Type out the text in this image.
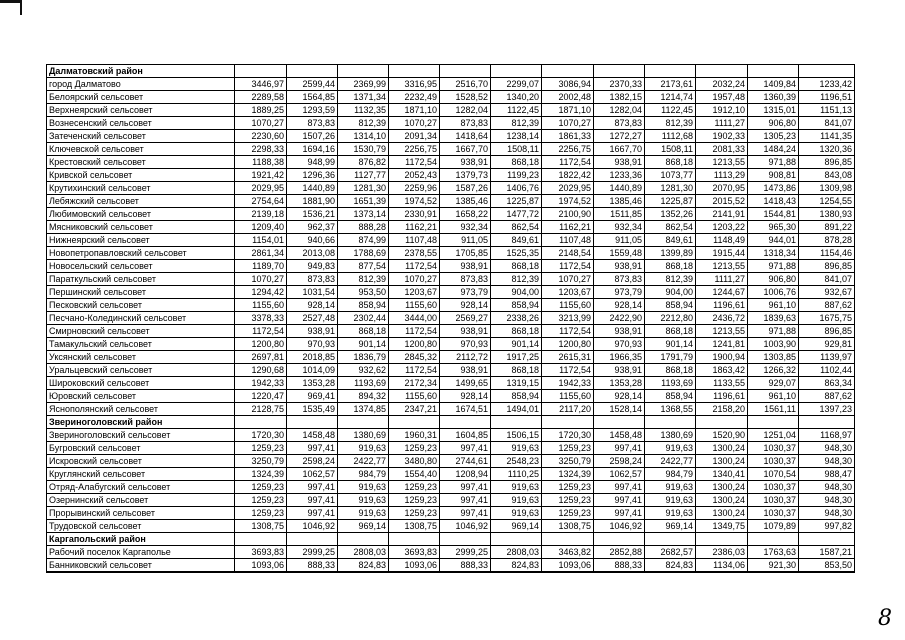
Далматовский район												
город Далматово	3446,97	2599,44	2369,99	3316,95	2516,70	2299,07	3086,94	2370,33	2173,61	2032,24	1409,84	1233,42
Белоярский сельсовет	2289,58	1564,85	1371,34	2232,49	1528,52	1340,20	2002,48	1382,15	1214,74	1957,48	1360,39	1196,51
Верхнеярский сельсовет	1889,25	1293,59	1132,35	1871,10	1282,04	1122,45	1871,10	1282,04	1122,45	1912,10	1315,01	1151,13
Вознесенский сельсовет	1070,27	873,83	812,39	1070,27	873,83	812,39	1070,27	873,83	812,39	1111,27	906,80	841,07
Затеченский сельсовет	2230,60	1507,26	1314,10	2091,34	1418,64	1238,14	1861,33	1272,27	1112,68	1902,33	1305,23	1141,35
Ключевской сельсовет	2298,33	1694,16	1530,79	2256,75	1667,70	1508,11	2256,75	1667,70	1508,11	2081,33	1484,24	1320,36
Крестовский сельсовет	1188,38	948,99	876,82	1172,54	938,91	868,18	1172,54	938,91	868,18	1213,55	971,88	896,85
Кривской сельсовет	1921,42	1296,36	1127,77	2052,43	1379,73	1199,23	1822,42	1233,36	1073,77	1113,29	908,81	843,08
Крутихинский сельсовет	2029,95	1440,89	1281,30	2259,96	1587,26	1406,76	2029,95	1440,89	1281,30	2070,95	1473,86	1309,98
Лебяжский сельсовет	2754,64	1881,90	1651,39	1974,52	1385,46	1225,87	1974,52	1385,46	1225,87	2015,52	1418,43	1254,55
Любимовский сельсовет	2139,18	1536,21	1373,14	2330,91	1658,22	1477,72	2100,90	1511,85	1352,26	2141,91	1544,81	1380,93
Мясниковский сельсовет	1209,40	962,37	888,28	1162,21	932,34	862,54	1162,21	932,34	862,54	1203,22	965,30	891,22
Нижнеярский сельсовет	1154,01	940,66	874,99	1107,48	911,05	849,61	1107,48	911,05	849,61	1148,49	944,01	878,28
Новопетропавловский сельсовет	2861,34	2013,08	1788,69	2378,55	1705,85	1525,35	2148,54	1559,48	1399,89	1915,44	1318,34	1154,46
Новосельский сельсовет	1189,70	949,83	877,54	1172,54	938,91	868,18	1172,54	938,91	868,18	1213,55	971,88	896,85
Параткульский сельсовет	1070,27	873,83	812,39	1070,27	873,83	812,39	1070,27	873,83	812,39	1111,27	906,80	841,07
Першинский сельсовет	1294,42	1031,54	953,50	1203,67	973,79	904,00	1203,67	973,79	904,00	1244,67	1006,76	932,67
Песковский сельсовет	1155,60	928,14	858,94	1155,60	928,14	858,94	1155,60	928,14	858,94	1196,61	961,10	887,62
Песчано-Колединский сельсовет	3378,33	2527,48	2302,44	3444,00	2569,27	2338,26	3213,99	2422,90	2212,80	2436,72	1839,63	1675,75
Смирновский сельсовет	1172,54	938,91	868,18	1172,54	938,91	868,18	1172,54	938,91	868,18	1213,55	971,88	896,85
Тамакульский сельсовет	1200,80	970,93	901,14	1200,80	970,93	901,14	1200,80	970,93	901,14	1241,81	1003,90	929,81
Уксянский сельсовет	2697,81	2018,85	1836,79	2845,32	2112,72	1917,25	2615,31	1966,35	1791,79	1900,94	1303,85	1139,97
Уральцевский сельсовет	1290,68	1014,09	932,62	1172,54	938,91	868,18	1172,54	938,91	868,18	1863,42	1266,32	1102,44
Широковский сельсовет	1942,33	1353,28	1193,69	2172,34	1499,65	1319,15	1942,33	1353,28	1193,69	1133,55	929,07	863,34
Юровский сельсовет	1220,47	969,41	894,32	1155,60	928,14	858,94	1155,60	928,14	858,94	1196,61	961,10	887,62
Яснополянский сельсовет	2128,75	1535,49	1374,85	2347,21	1674,51	1494,01	2117,20	1528,14	1368,55	2158,20	1561,11	1397,23
Звериноголовский район												
Звериноголовский сельсовет	1720,30	1458,48	1380,69	1960,31	1604,85	1506,15	1720,30	1458,48	1380,69	1520,90	1251,04	1168,97
Бугровский сельсовет	1259,23	997,41	919,63	1259,23	997,41	919,63	1259,23	997,41	919,63	1300,24	1030,37	948,30
Искровский сельсовет	3250,79	2598,24	2422,77	3480,80	2744,61	2548,23	3250,79	2598,24	2422,77	1300,24	1030,37	948,30
Круглянский сельсовет	1324,39	1062,57	984,79	1554,40	1208,94	1110,25	1324,39	1062,57	984,79	1340,41	1070,54	988,47
Отряд-Алабугский сельсовет	1259,23	997,41	919,63	1259,23	997,41	919,63	1259,23	997,41	919,63	1300,24	1030,37	948,30
Озернинский сельсовет	1259,23	997,41	919,63	1259,23	997,41	919,63	1259,23	997,41	919,63	1300,24	1030,37	948,30
Прорывинский сельсовет	1259,23	997,41	919,63	1259,23	997,41	919,63	1259,23	997,41	919,63	1300,24	1030,37	948,30
Трудовской сельсовет	1308,75	1046,92	969,14	1308,75	1046,92	969,14	1308,75	1046,92	969,14	1349,75	1079,89	997,82
Каргапольский район												
Рабочий поселок Каргаполье	3693,83	2999,25	2808,03	3693,83	2999,25	2808,03	3463,82	2852,88	2682,57	2386,03	1763,63	1587,21
Банниковский сельсовет	1093,06	888,33	824,83	1093,06	888,33	824,83	1093,06	888,33	824,83	1134,06	921,30	853,50
8
